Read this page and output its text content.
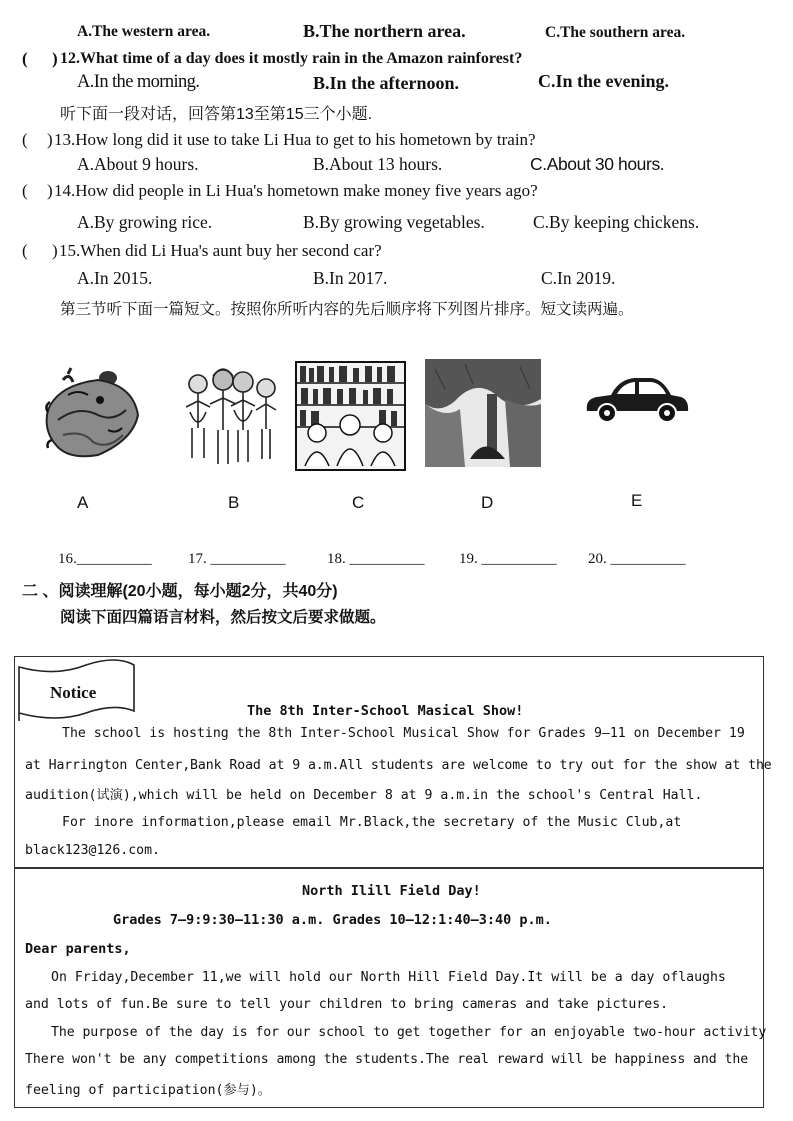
A.The western area.	B.The northern area.	C.The southern area.
( ) 12.What time of a day does it mostly rain in the Amazon rainforest?
A.In the morning.	B.In the afternoon.	C.In the evening.
听下面一段对话，回答第13至第15三个小题.
( ) 13.How long did it use to take Li Hua to get to his hometown by train?
A.About 9 hours.	B.About 13 hours.	C.About 30 hours.
( ) 14.How did people in Li Hua's hometown make money five years ago?
A.By growing rice.	B.By growing vegetables.	C.By keeping chickens.
( ) 15.When did Li Hua's aunt buy her second car?
A.In 2015.	B.In 2017.	C.In 2019.
第三节听下面一篇短文。按照你所听内容的先后顺序将下列图片排序。短文读两遍。
A	B	C	D	E
16.__________ 17. __________	18. __________ 19. __________ 20. __________
二 、阅读理解(20小题，每小题2分，共40分)
阅读下面四篇语言材料，然后按文后要求做题。
Notice
The 8th Inter-School Masical Show!
The school is hosting the 8th Inter-School Musical Show for Grades 9—11 on December 19
at Harrington Center,Bank Road at 9 a.m.All students are welcome to try out for the show at the
audition(试演),which will be held on December 8 at 9 a.m.in the school's Central Hall.
For inore information,please email Mr.Black,the secretary of the Music Club,at
black123@126.com.
North Ilill Field Day!
Grades 7—9:9:30—11:30 a.m. Grades 10—12:1:40—3:40 p.m.
Dear parents,
On Friday,December 11,we will hold our North Hill Field Day.It will be a day oflaughs
and lots of fun.Be sure to tell your children to bring cameras and take pictures.
The purpose of the day is for our school to get together for an enjoyable two-hour activity
There won't be any competitions among the students.The real reward will be happiness and the
feeling of participation(参与)。
